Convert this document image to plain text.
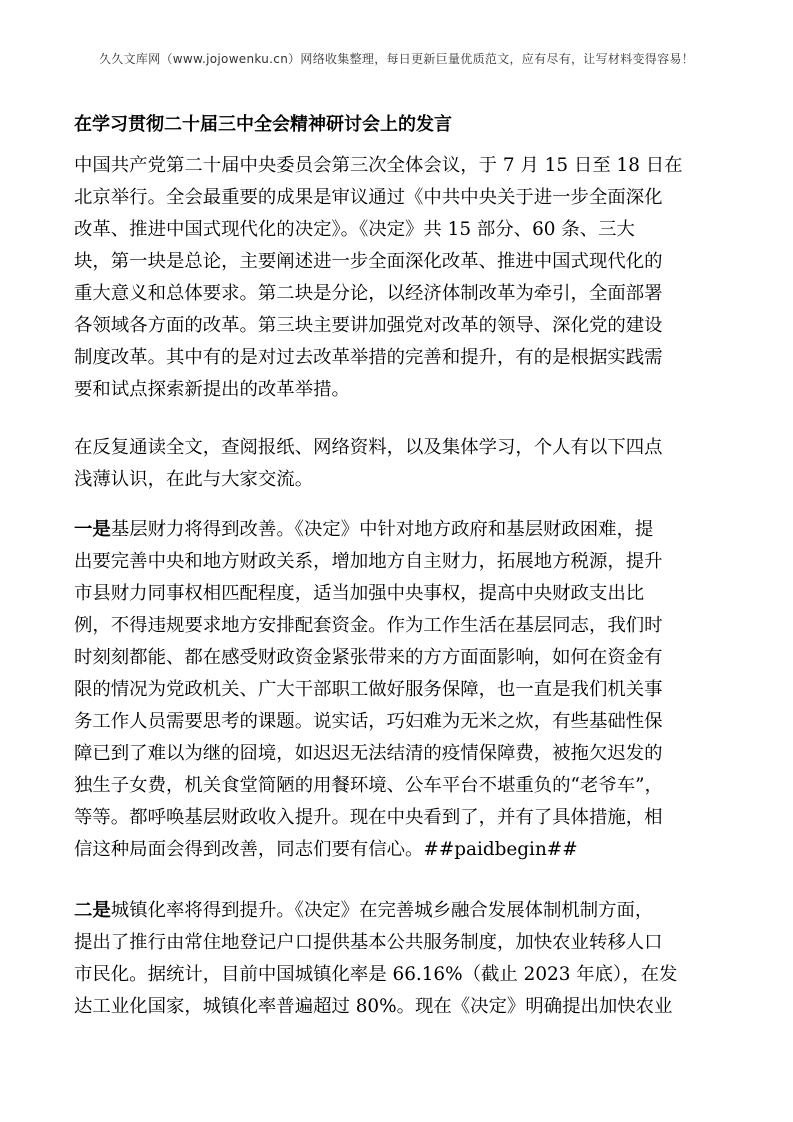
久久文库网（www.jojowenku.cn）网络收集整理，每日更新巨量优质范文，应有尽有，让写材料变得容易！
在学习贯彻二十届三中全会精神研讨会上的发言
中国共产党第二十届中央委员会第三次全体会议，于 7 月 15 日至 18 日在
北京举行。全会最重要的成果是审议通过《中共中央关于进一步全面深化
改革、推进中国式现代化的决定》。《决定》共 15 部分、60 条、三大
块，第一块是总论，主要阐述进一步全面深化改革、推进中国式现代化的
重大意义和总体要求。第二块是分论，以经济体制改革为牵引，全面部署
各领域各方面的改革。第三块主要讲加强党对改革的领导、深化党的建设
制度改革。其中有的是对过去改革举措的完善和提升，有的是根据实践需
要和试点探索新提出的改革举措。
在反复通读全文，查阅报纸、网络资料，以及集体学习，个人有以下四点
浅薄认识，在此与大家交流。
一是基层财力将得到改善。《决定》中针对地方政府和基层财政困难，提
出要完善中央和地方财政关系，增加地方自主财力，拓展地方税源，提升
市县财力同事权相匹配程度，适当加强中央事权，提高中央财政支出比
例，不得违规要求地方安排配套资金。作为工作生活在基层同志，我们时
时刻刻都能、都在感受财政资金紧张带来的方方面面影响，如何在资金有
限的情况为党政机关、广大干部职工做好服务保障，也一直是我们机关事
务工作人员需要思考的课题。说实话，巧妇难为无米之炊，有些基础性保
障已到了难以为继的囧境，如迟迟无法结清的疫情保障费，被拖欠迟发的
独生子女费，机关食堂简陋的用餐环境、公车平台不堪重负的“老爷车”，
等等。都呼唤基层财政收入提升。现在中央看到了，并有了具体措施，相
信这种局面会得到改善，同志们要有信心。##paidbegin##
二是城镇化率将得到提升。《决定》在完善城乡融合发展体制机制方面，
提出了推行由常住地登记户口提供基本公共服务制度，加快农业转移人口
市民化。据统计，目前中国城镇化率是 66.16%（截止 2023 年底），在发
达工业化国家，城镇化率普遍超过 80%。现在《决定》明确提出加快农业
